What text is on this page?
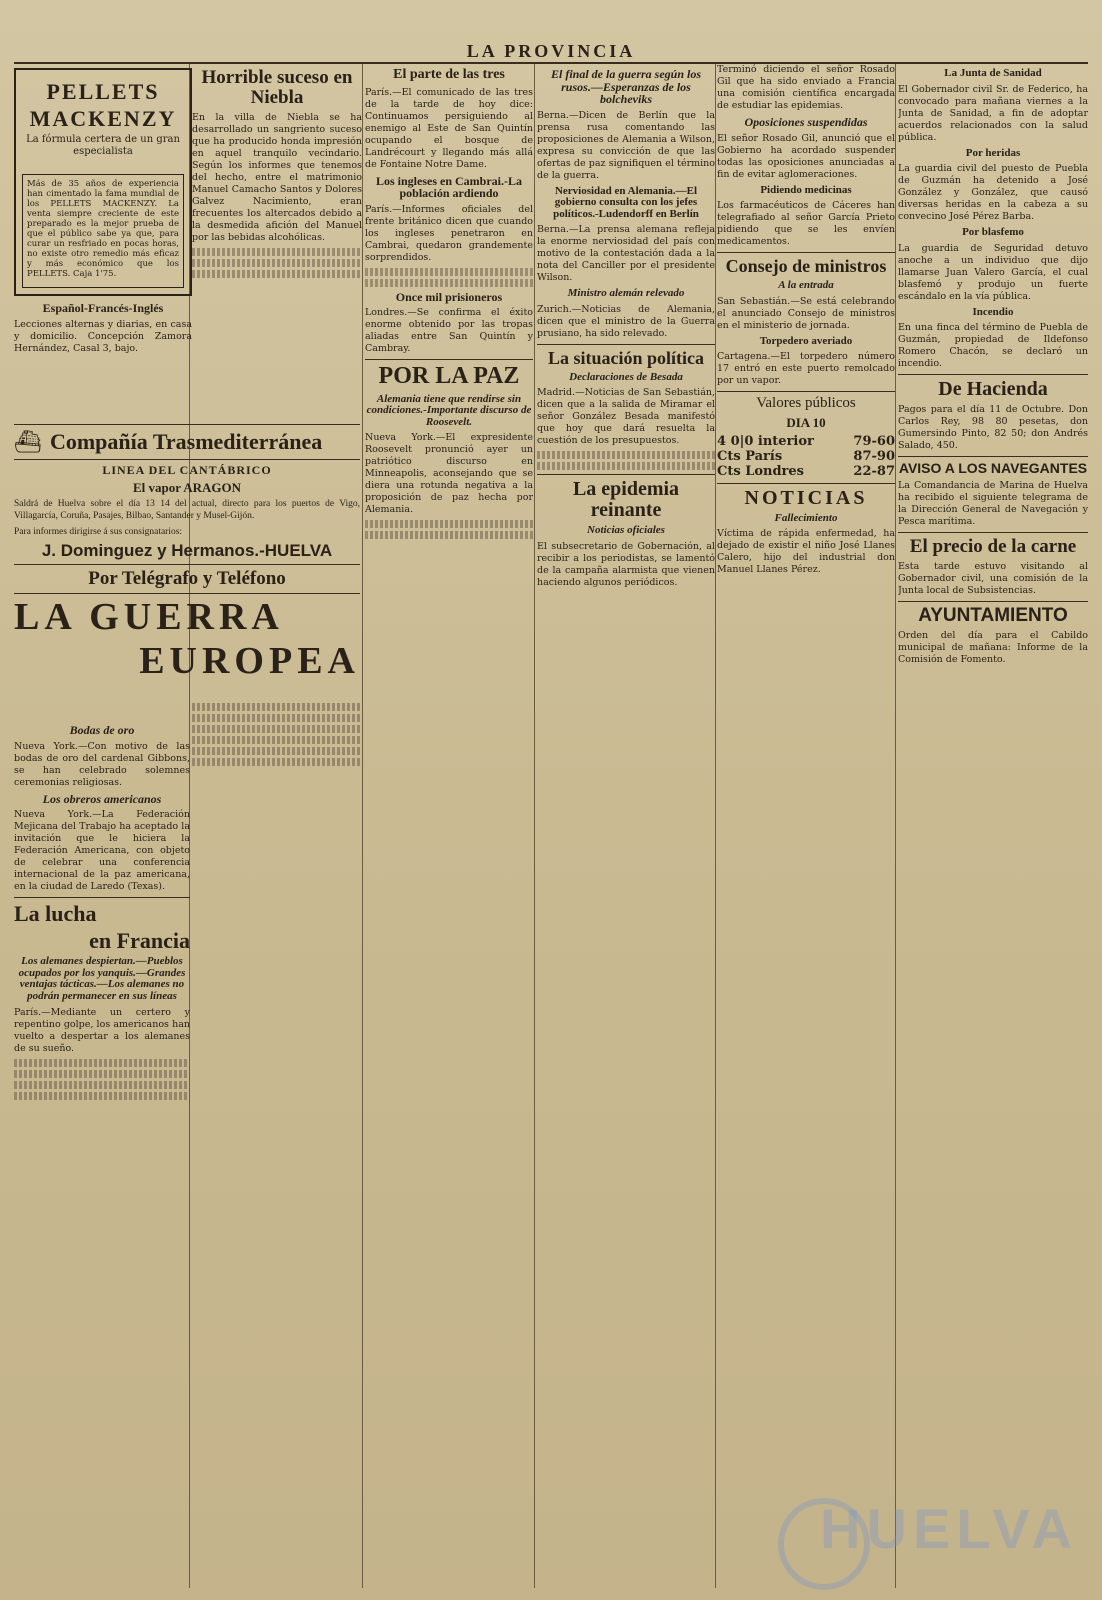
LA PROVINCIA
PELLETS
MACKENZY
La fórmula certera de un gran especialista
Más de 35 años de experiencia han cimentado la fama mundial de los PELLETS MACKENZY. La venta siempre creciente de este preparado es la mejor prueba de que el público sabe ya que, para curar un resfriado en pocas horas, no existe otro remedio más eficaz y más económico que los PELLETS. Caja 1'75.
Español-Francés-Inglés
Lecciones alternas y diarias, en casa y domicilio. Concepción Zamora Hernández, Casal 3, bajo.
⛴ Compañía Trasmediterránea
LINEA DEL CANTÁBRICO
El vapor ARAGON
Saldrá de Huelva sobre el día 13 14 del actual, directo para los puertos de Vigo, Villagarcía, Coruña, Pasajes, Bilbao, Santander y Musel-Gijón.
Para informes dirigirse á sus consignatarios:
J. Dominguez y Hermanos.-HUELVA
Por Telégrafo y Teléfono
LA GUERRA
EUROPEA
Bodas de oro
Nueva York.—Con motivo de las bodas de oro del cardenal Gibbons, se han celebrado solemnes ceremonias religiosas.
Los obreros americanos
Nueva York.—La Federación Mejicana del Trabajo ha aceptado la invitación que le hiciera la Federación Americana, con objeto de celebrar una conferencia internacional de la paz americana, en la ciudad de Laredo (Texas).
La lucha
en Francia
Los alemanes despiertan.—Pueblos ocupados por los yanquis.—Grandes ventajas tácticas.—Los alemanes no podrán permanecer en sus líneas
París.—Mediante un certero y repentino golpe, los americanos han vuelto a despertar a los alemanes de su sueño.
Horrible suceso en Niebla
En la villa de Niebla se ha desarrollado un sangriento suceso que ha producido honda impresión en aquel tranquilo vecindario. Según los informes que tenemos del hecho, entre el matrimonio Manuel Camacho Santos y Dolores Galvez Nacimiento, eran frecuentes los altercados debido a la desmedida afición del Manuel por las bebidas alcohólicas.
El parte de las tres
París.—El comunicado de las tres de la tarde de hoy dice: Continuamos persiguiendo al enemigo al Este de San Quintín ocupando el bosque de Landrécourt y llegando más allá de Fontaine Notre Dame.
Los ingleses en Cambrai.-La población ardiendo
París.—Informes oficiales del frente británico dicen que cuando los ingleses penetraron en Cambrai, quedaron grandemente sorprendidos.
Once mil prisioneros
Londres.—Se confirma el éxito enorme obtenido por las tropas aliadas entre San Quintín y Cambray.
POR LA PAZ
Alemania tiene que rendirse sin condiciones.-Importante discurso de Roosevelt.
Nueva York.—El expresidente Roosevelt pronunció ayer un patriótico discurso en Minneapolis, aconsejando que se diera una rotunda negativa a la proposición de paz hecha por Alemania.
El final de la guerra según los rusos.—Esperanzas de los bolcheviks
Berna.—Dicen de Berlín que la prensa rusa comentando las proposiciones de Alemania a Wilson, expresa su convicción de que las ofertas de paz signifiquen el término de la guerra.
Nerviosidad en Alemania.—El gobierno consulta con los jefes políticos.-Ludendorff en Berlín
Berna.—La prensa alemana refleja la enorme nerviosidad del país con motivo de la contestación dada a la nota del Canciller por el presidente Wilson.
Ministro alemán relevado
Zurich.—Noticias de Alemania, dicen que el ministro de la Guerra prusiano, ha sido relevado.
La situación política
Declaraciones de Besada
Madrid.—Noticias de San Sebastián, dicen que a la salida de Miramar el señor González Besada manifestó que hoy que dará resuelta la cuestión de los presupuestos.
La epidemia reinante
Noticias oficiales
El subsecretario de Gobernación, al recibir a los periodistas, se lamentó de la campaña alarmista que vienen haciendo algunos periódicos.
Terminó diciendo el señor Rosado Gil que ha sido enviado a Francia una comisión científica encargada de estudiar las epidemias.
Oposiciones suspendidas
El señor Rosado Gil, anunció que el Gobierno ha acordado suspender todas las oposiciones anunciadas a fin de evitar aglomeraciones.
Pidiendo medicinas
Los farmacéuticos de Cáceres han telegrafiado al señor García Prieto pidiendo que se les envíen medicamentos.
Consejo de ministros
A la entrada
San Sebastián.—Se está celebrando el anunciado Consejo de ministros en el ministerio de jornada.
Torpedero averiado
Cartagena.—El torpedero número 17 entró en este puerto remolcado por un vapor.
Valores públicos
DIA 10
4 0|0 interior	79-60
Cts París	87-90
Cts Londres	22-87
NOTICIAS
Fallecimiento
Víctima de rápida enfermedad, ha dejado de existir el niño José Llanes Calero, hijo del industrial don Manuel Llanes Pérez.
La Junta de Sanidad
El Gobernador civil Sr. de Federico, ha convocado para mañana viernes a la Junta de Sanidad, a fin de adoptar acuerdos relacionados con la salud pública.
Por heridas
La guardia civil del puesto de Puebla de Guzmán ha detenido a José González y González, que causó diversas heridas en la cabeza a su convecino José Pérez Barba.
Por blasfemo
La guardia de Seguridad detuvo anoche a un individuo que dijo llamarse Juan Valero García, el cual blasfemó y produjo un fuerte escándalo en la vía pública.
Incendio
En una finca del término de Puebla de Guzmán, propiedad de Ildefonso Romero Chacón, se declaró un incendio.
De Hacienda
Pagos para el día 11 de Octubre. Don Carlos Rey, 98 80 pesetas, don Gumersindo Pinto, 82 50; don Andrés Salado, 450.
AVISO A LOS NAVEGANTES
La Comandancia de Marina de Huelva ha recibido el siguiente telegrama de la Dirección General de Navegación y Pesca marítima.
El precio de la carne
Esta tarde estuvo visitando al Gobernador civil, una comisión de la Junta local de Subsistencias.
AYUNTAMIENTO
Orden del día para el Cabildo municipal de mañana: Informe de la Comisión de Fomento.
HUELVA
